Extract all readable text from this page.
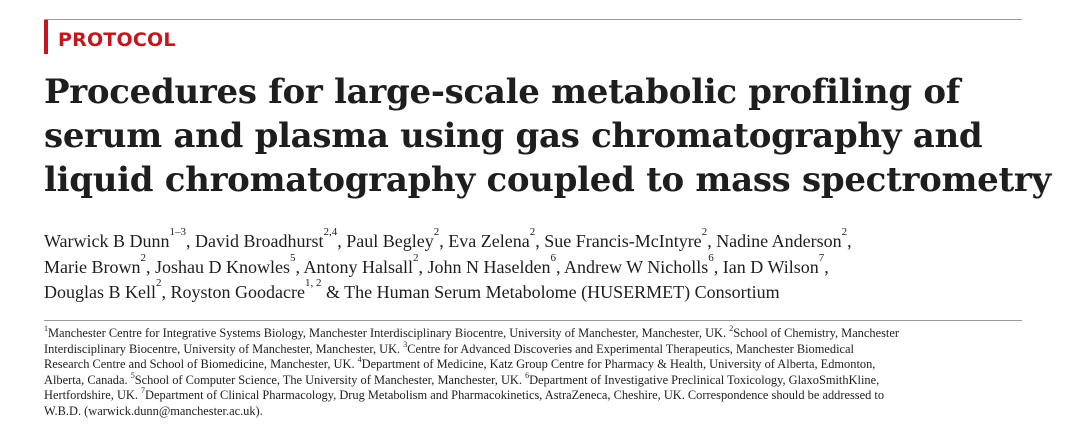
PROTOCOL
Procedures for large-scale metabolic profiling of
serum and plasma using gas chromatography and
liquid chromatography coupled to mass spectrometry
Warwick B Dunn$^{1-3}$, David Broadhurst$^{2,4}$, Paul Begley$^2$, Eva Zelena$^2$, Sue Francis-McIntyre$^2$, Nadine Anderson$^2$,
Marie Brown$^2$, Joshau D Knowles$^5$, Antony Halsall$^2$, John N Haselden$^6$, Andrew W Nicholls$^6$, Ian D Wilson$^7$,
Douglas B Kell$^2$, Royston Goodacre$^{1, 2}$ & The Human Serum Metabolome (HUSERMET) Consortium
$^1$Manchester Centre for Integrative Systems Biology, Manchester Interdisciplinary Biocentre, University of Manchester, Manchester, UK. $^2$School of Chemistry, Manchester
Interdisciplinary Biocentre, University of Manchester, Manchester, UK. $^3$Centre for Advanced Discoveries and Experimental Therapeutics, Manchester Biomedical
Research Centre and School of Biomedicine, Manchester, UK. $^4$Department of Medicine, Katz Group Centre for Pharmacy & Health, University of Alberta, Edmonton,
Alberta, Canada. $^5$School of Computer Science, The University of Manchester, Manchester, UK. $^6$Department of Investigative Preclinical Toxicology, GlaxoSmithKline,
Hertfordshire, UK. $^7$Department of Clinical Pharmacology, Drug Metabolism and Pharmacokinetics, AstraZeneca, Cheshire, UK. Correspondence should be addressed to
W.B.D. (warwick.dunn@manchester.ac.uk).
